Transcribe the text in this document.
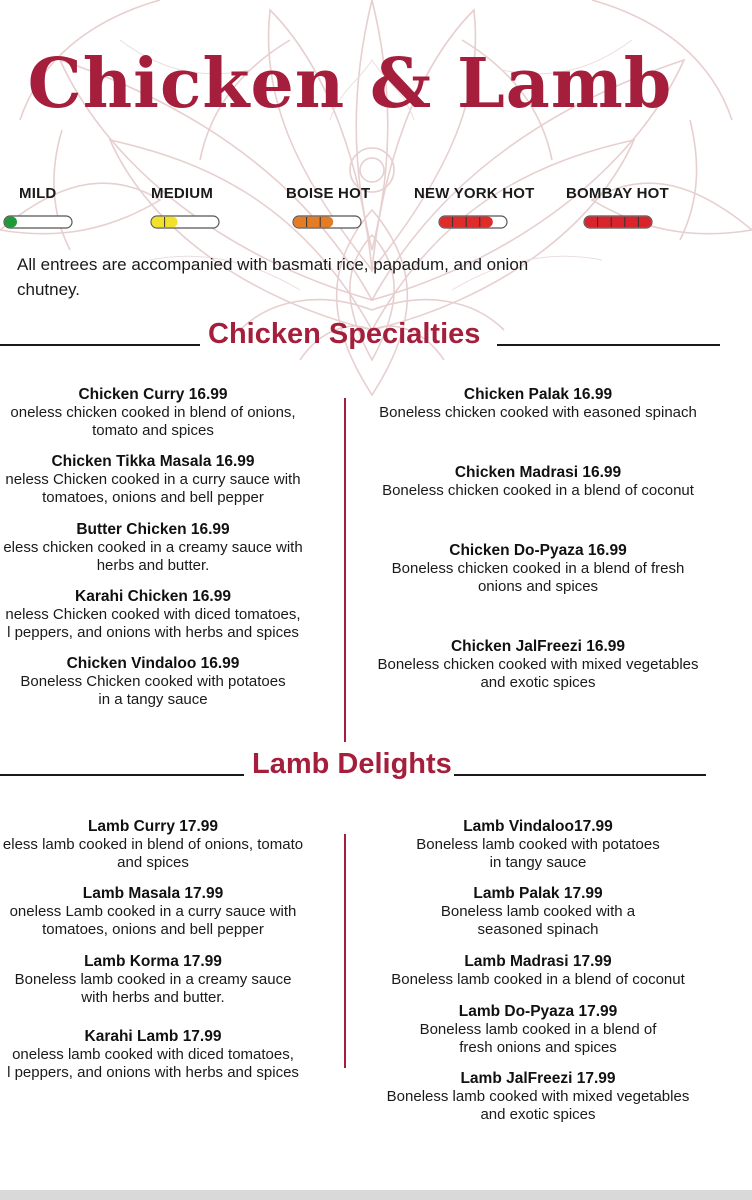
Chicken & Lamb
MILD	MEDIUM	BOISE HOT	NEW YORK HOT BOMBAY HOT
All entrees are accompanied with basmati rice, papadum, and onion
chutney.
Chicken Specialties
Chicken Curry 16.99
oneless chicken cooked in blend of onions,
tomato and spices
Chicken Tikka Masala 16.99
neless Chicken cooked in a curry sauce with
tomatoes, onions and bell pepper
Butter Chicken 16.99
eless chicken cooked in a creamy sauce with
herbs and butter.
Karahi Chicken 16.99
neless Chicken cooked with diced tomatoes,
l peppers, and onions with herbs and spices
Chicken Vindaloo 16.99
Boneless Chicken cooked with potatoes
in a tangy sauce
Chicken Palak 16.99
Boneless chicken cooked with easoned spinach
Chicken Madrasi 16.99
Boneless chicken cooked in a blend of coconut
Chicken Do-Pyaza 16.99
Boneless chicken cooked in a blend of fresh
onions and spices
Chicken JalFreezi 16.99
Boneless chicken cooked with mixed vegetables
and exotic spices
Lamb Delights
Lamb Curry 17.99
eless lamb cooked in blend of onions, tomato
and spices
Lamb Masala 17.99
oneless Lamb cooked in a curry sauce with
tomatoes, onions and bell pepper
Lamb Korma 17.99
Boneless lamb cooked in a creamy sauce
with herbs and butter.
Karahi Lamb 17.99
oneless lamb cooked with diced tomatoes,
l peppers, and onions with herbs and spices
Lamb Vindaloo17.99
Boneless lamb cooked with potatoes
in tangy sauce
Lamb Palak 17.99
Boneless lamb cooked with a
seasoned spinach
Lamb Madrasi 17.99
Boneless lamb cooked in a blend of coconut
Lamb Do-Pyaza 17.99
Boneless lamb cooked in a blend of
fresh onions and spices
Lamb JalFreezi 17.99
Boneless lamb cooked with mixed vegetables
and exotic spices
